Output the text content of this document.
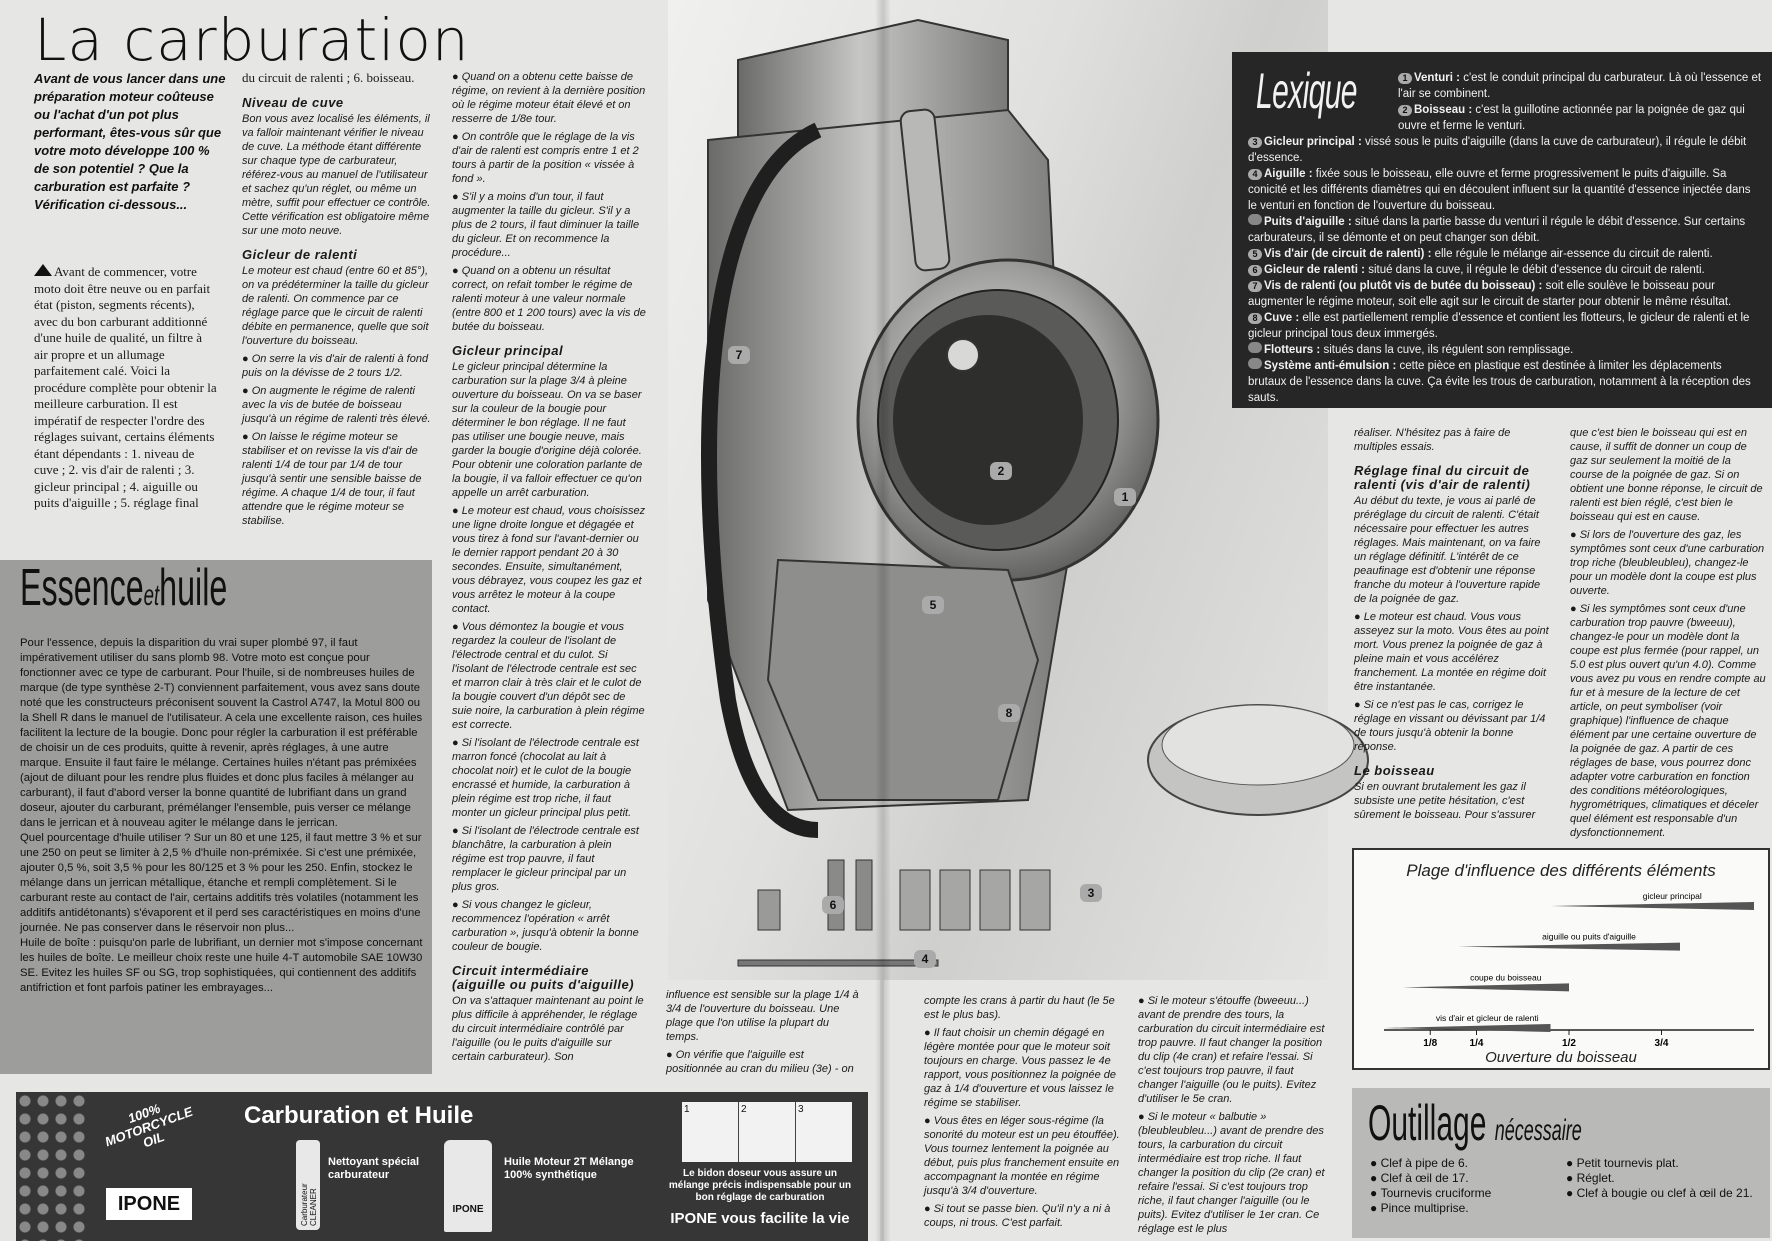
La carburation
Avant de vous lancer dans une préparation moteur coûteuse ou l'achat d'un pot plus performant, êtes-vous sûr que votre moto développe 100 % de son potentiel ? Que la carburation est parfaite ? Vérification ci-dessous...
Avant de commencer, votre moto doit être neuve ou en parfait état (piston, segments récents), avec du bon carburant additionné d'une huile de qualité, un filtre à air propre et un allumage parfaitement calé. Voici la procédure complète pour obtenir la meilleure carburation. Il est impératif de respecter l'ordre des réglages suivant, certains éléments étant dépendants : 1. niveau de cuve ; 2. vis d'air de ralenti ; 3. gicleur principal ; 4. aiguille ou puits d'aiguille ; 5. réglage final
du circuit de ralenti ; 6. boisseau.
Niveau de cuve
Bon vous avez localisé les éléments, il va falloir maintenant vérifier le niveau de cuve. La méthode étant différente sur chaque type de carburateur, référez-vous au manuel de l'utilisateur et sachez qu'un réglet, ou même un mètre, suffit pour effectuer ce contrôle. Cette vérification est obligatoire même sur une moto neuve.
Gicleur de ralenti
Le moteur est chaud (entre 60 et 85°), on va prédéterminer la taille du gicleur de ralenti. On commence par ce réglage parce que le circuit de ralenti débite en permanence, quelle que soit l'ouverture du boisseau.
● On serre la vis d'air de ralenti à fond puis on la dévisse de 2 tours 1/2.
● On augmente le régime de ralenti avec la vis de butée de boisseau jusqu'à un régime de ralenti très élevé.
● On laisse le régime moteur se stabiliser et on revisse la vis d'air de ralenti 1/4 de tour par 1/4 de tour jusqu'à sentir une sensible baisse de régime. A chaque 1/4 de tour, il faut attendre que le régime moteur se stabilise.
● Quand on a obtenu cette baisse de régime, on revient à la dernière position où le régime moteur était élevé et on resserre de 1/8e tour.
● On contrôle que le réglage de la vis d'air de ralenti est compris entre 1 et 2 tours à partir de la position « vissée à fond ».
● S'il y a moins d'un tour, il faut augmenter la taille du gicleur. S'il y a plus de 2 tours, il faut diminuer la taille du gicleur. Et on recommence la procédure...
● Quand on a obtenu un résultat correct, on refait tomber le régime de ralenti moteur à une valeur normale (entre 800 et 1 200 tours) avec la vis de butée du boisseau.
Gicleur principal
Le gicleur principal détermine la carburation sur la plage 3/4 à pleine ouverture du boisseau. On va se baser sur la couleur de la bougie pour déterminer le bon réglage. Il ne faut pas utiliser une bougie neuve, mais garder la bougie d'origine déjà colorée. Pour obtenir une coloration parlante de la bougie, il va falloir effectuer ce qu'on appelle un arrêt carburation.
● Le moteur est chaud, vous choisissez une ligne droite longue et dégagée et vous tirez à fond sur l'avant-dernier ou le dernier rapport pendant 20 à 30 secondes. Ensuite, simultanément, vous débrayez, vous coupez les gaz et vous arrêtez le moteur à la coupe contact.
● Vous démontez la bougie et vous regardez la couleur de l'isolant de l'électrode central et du culot. Si l'isolant de l'électrode centrale est sec et marron clair à très clair et le culot de la bougie couvert d'un dépôt sec de suie noire, la carburation à plein régime est correcte.
● Si l'isolant de l'électrode centrale est marron foncé (chocolat au lait à chocolat noir) et le culot de la bougie encrassé et humide, la carburation à plein régime est trop riche, il faut monter un gicleur principal plus petit.
● Si l'isolant de l'électrode centrale est blanchâtre, la carburation à plein régime est trop pauvre, il faut remplacer le gicleur principal par un plus gros.
● Si vous changez le gicleur, recommencez l'opération « arrêt carburation », jusqu'à obtenir la bonne couleur de bougie.
Circuit intermédiaire (aiguille ou puits d'aiguille)
On va s'attaquer maintenant au point le plus difficile à appréhender, le réglage du circuit intermédiaire contrôlé par l'aiguille (ou le puits d'aiguille sur certain carburateur). Son
Essenceethuile
Pour l'essence, depuis la disparition du vrai super plombé 97, il faut impérativement utiliser du sans plomb 98. Votre moto est conçue pour fonctionner avec ce type de carburant. Pour l'huile, si de nombreuses huiles de marque (de type synthèse 2-T) conviennent parfaitement, vous avez sans doute noté que les constructeurs préconisent souvent la Castrol A747, la Motul 800 ou la Shell R dans le manuel de l'utilisateur. A cela une excellente raison, ces huiles facilitent la lecture de la bougie. Donc pour régler la carburation il est préférable de choisir un de ces produits, quitte à revenir, après réglages, à une autre marque. Ensuite il faut faire le mélange. Certaines huiles n'étant pas prémixées (ajout de diluant pour les rendre plus fluides et donc plus faciles à mélanger au carburant), il faut d'abord verser la bonne quantité de lubrifiant dans un grand doseur, ajouter du carburant, prémélanger l'ensemble, puis verser ce mélange dans le jerrican et à nouveau agiter le mélange dans le jerrican.
Quel pourcentage d'huile utiliser ? Sur un 80 et une 125, il faut mettre 3 % et sur une 250 on peut se limiter à 2,5 % d'huile non-prémixée. Si c'est une prémixée, ajouter 0,5 %, soit 3,5 % pour les 80/125 et 3 % pour les 250. Enfin, stockez le mélange dans un jerrican métallique, étanche et rempli complètement. Si le carburant reste au contact de l'air, certains additifs très volatiles (notamment les additifs antidétonants) s'évaporent et il perd ses caractéristiques en moins d'une journée. Ne pas conserver dans le réservoir non plus...
Huile de boîte : puisqu'on parle de lubrifiant, un dernier mot s'impose concernant les huiles de boîte. Le meilleur choix reste une huile 4-T automobile SAE 10W30 SE. Evitez les huiles SF ou SG, trop sophistiquées, qui contiennent des additifs antifriction et font parfois patiner les embrayages...
1
2
3
4
5
6
7
8
influence est sensible sur la plage 1/4 à 3/4 de l'ouverture du boisseau. Une plage que l'on utilise la plupart du temps.
● On vérifie que l'aiguille est positionnée au cran du milieu (3e) - on
compte les crans à partir du haut (le 5e est le plus bas).
● Il faut choisir un chemin dégagé en légère montée pour que le moteur soit toujours en charge. Vous passez le 4e rapport, vous positionnez la poignée de gaz à 1/4 d'ouverture et vous laissez le régime se stabiliser.
● Vous êtes en léger sous-régime (la sonorité du moteur est un peu étouffée). Vous tournez lentement la poignée au début, puis plus franchement ensuite en accompagnant la montée en régime jusqu'à 3/4 d'ouverture.
● Si tout se passe bien. Qu'il n'y a ni à coups, ni trous. C'est parfait.
● Si le moteur s'étouffe (bweeuu...) avant de prendre des tours, la carburation du circuit intermédiaire est trop pauvre. Il faut changer la position du clip (4e cran) et refaire l'essai. Si c'est toujours trop pauvre, il faut changer l'aiguille (ou le puits). Evitez d'utiliser le 5e cran.
● Si le moteur « balbutie » (bleubleubleu...) avant de prendre des tours, la carburation du circuit intermédiaire est trop riche. Il faut changer la position du clip (2e cran) et refaire l'essai. Si c'est toujours trop riche, il faut changer l'aiguille (ou le puits). Evitez d'utiliser le 1er cran. Ce réglage est le plus
Lexique	1 Venturi : c'est le conduit principal du carburateur. Là où l'essence et l'air se combinent.
2 Boisseau : c'est la guillotine actionnée par la poignée de gaz qui ouvre et ferme le venturi.
3 Gicleur principal : vissé sous le puits d'aiguille (dans la cuve de carburateur), il régule le débit d'essence.
4 Aiguille : fixée sous le boisseau, elle ouvre et ferme progressivement le puits d'aiguille. Sa conicité et les différents diamètres qui en découlent influent sur la quantité d'essence injectée dans le venturi en fonction de l'ouverture du boisseau.
Puits d'aiguille : situé dans la partie basse du venturi il régule le débit d'essence. Sur certains carburateurs, il se démonte et on peut changer son débit.
5 Vis d'air (de circuit de ralenti) : elle régule le mélange air-essence du circuit de ralenti.
6 Gicleur de ralenti : situé dans la cuve, il régule le débit d'essence du circuit de ralenti.
7 Vis de ralenti (ou plutôt vis de butée du boisseau) : soit elle soulève le boisseau pour augmenter le régime moteur, soit elle agit sur le circuit de starter pour obtenir le même résultat.
8 Cuve : elle est partiellement remplie d'essence et contient les flotteurs, le gicleur de ralenti et le gicleur principal tous deux immergés.
Flotteurs : situés dans la cuve, ils régulent son remplissage.
Système anti-émulsion : cette pièce en plastique est destinée à limiter les déplacements brutaux de l'essence dans la cuve. Ça évite les trous de carburation, notamment à la réception des sauts.
réaliser. N'hésitez pas à faire de multiples essais.
Réglage final du circuit de ralenti (vis d'air de ralenti)
Au début du texte, je vous ai parlé de préréglage du circuit de ralenti. C'était nécessaire pour effectuer les autres réglages. Mais maintenant, on va faire un réglage définitif. L'intérêt de ce peaufinage est d'obtenir une réponse franche du moteur à l'ouverture rapide de la poignée de gaz.
● Le moteur est chaud. Vous vous asseyez sur la moto. Vous êtes au point mort. Vous prenez la poignée de gaz à pleine main et vous accélérez franchement. La montée en régime doit être instantanée.
● Si ce n'est pas le cas, corrigez le réglage en vissant ou dévissant par 1/4 de tours jusqu'à obtenir la bonne réponse.
Le boisseau
Si en ouvrant brutalement les gaz il subsiste une petite hésitation, c'est sûrement le boisseau. Pour s'assurer
que c'est bien le boisseau qui est en cause, il suffit de donner un coup de gaz sur seulement la moitié de la course de la poignée de gaz. Si on obtient une bonne réponse, le circuit de ralenti est bien réglé, c'est bien le boisseau qui est en cause.
● Si lors de l'ouverture des gaz, les symptômes sont ceux d'une carburation trop riche (bleubleubleu), changez-le pour un modèle dont la coupe est plus ouverte.
● Si les symptômes sont ceux d'une carburation trop pauvre (bweeuu), changez-le pour un modèle dont la coupe est plus fermée (pour rappel, un 5.0 est plus ouvert qu'un 4.0). Comme vous avez pu vous en rendre compte au fur et à mesure de la lecture de cet article, on peut symboliser (voir graphique) l'influence de chaque élément par une certaine ouverture de la poignée de gaz. A partir de ces réglages de base, vous pourrez donc adapter votre carburation en fonction des conditions météorologiques, hygrométriques, climatiques et déceler quel élément est responsable d'un dysfonctionnement.
Plage d'influence des différents éléments
1/8	1/4	1/2	3/4
Ouverture du boisseau
gicleur principal
aiguille ou puits d'aiguille
coupe du boisseau
vis d'air et gicleur de ralenti
Outillage nécessaire
● Clef à pipe de 6.
● Clef à œil de 17.
● Tournevis cruciforme
● Pince multiprise.
● Petit tournevis plat.
● Réglet.
● Clef à bougie ou clef à œil de 21.
100% MOTORCYCLE OIL
IPONE
Carburation et Huile
Carburateur CLEANER
Nettoyant spécial carburateur
IPONE
Huile Moteur 2T Mélange 100% synthétique
1	2	3
Le bidon doseur vous assure un mélange précis indispensable pour un bon réglage de carburation
IPONE vous facilite la vie
